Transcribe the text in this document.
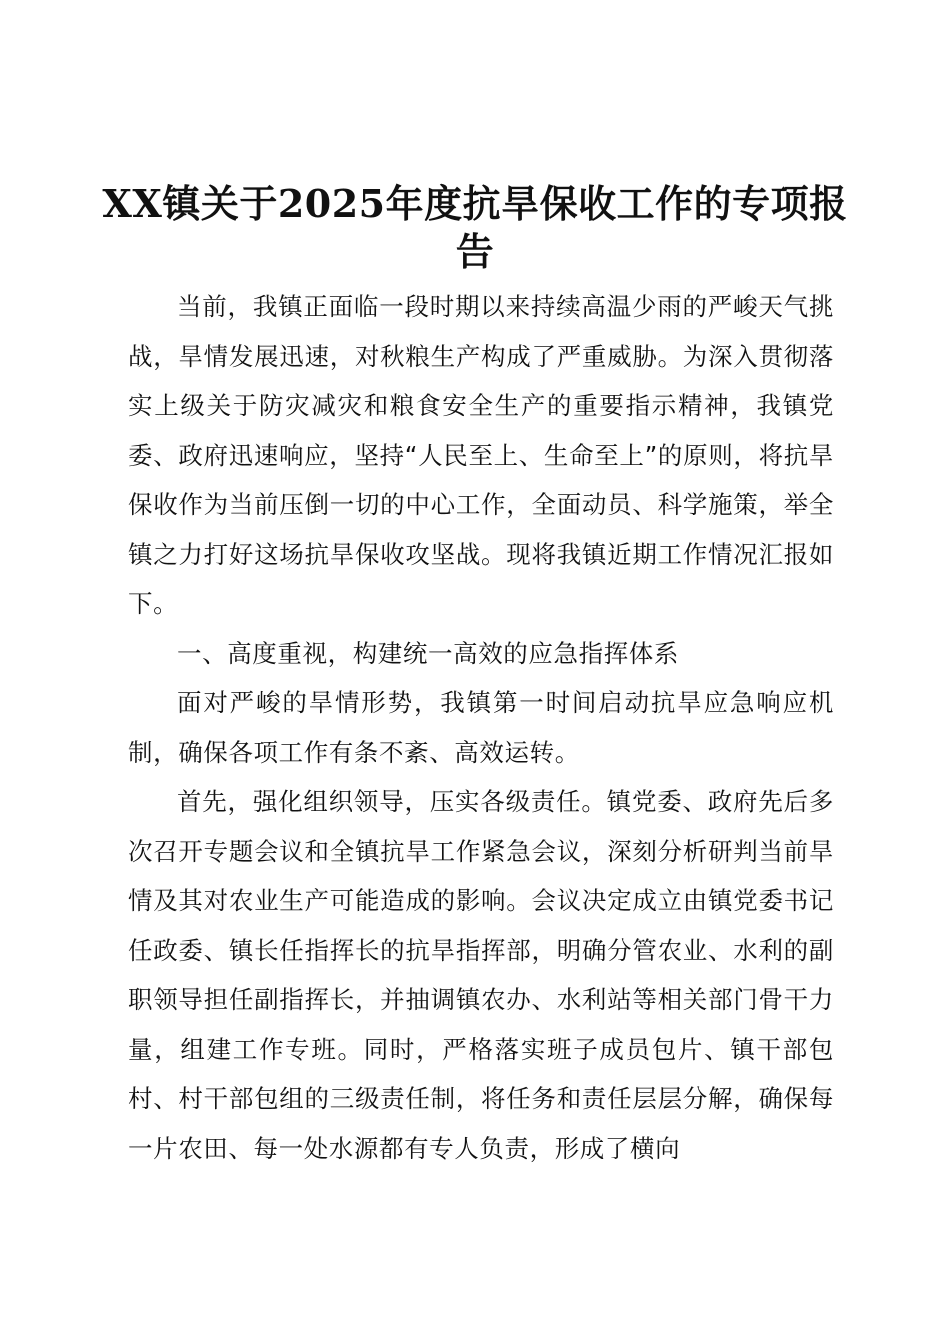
XX镇关于2025年度抗旱保收工作的专项报告

当前，我镇正面临一段时期以来持续高温少雨的严峻天气挑战，旱情发展迅速，对秋粮生产构成了严重威胁。为深入贯彻落实上级关于防灾减灾和粮食安全生产的重要指示精神，我镇党委、政府迅速响应，坚持“人民至上、生命至上”的原则，将抗旱保收作为当前压倒一切的中心工作，全面动员、科学施策，举全镇之力打好这场抗旱保收攻坚战。现将我镇近期工作情况汇报如下。

一、高度重视，构建统一高效的应急指挥体系

面对严峻的旱情形势，我镇第一时间启动抗旱应急响应机制，确保各项工作有条不紊、高效运转。

首先，强化组织领导，压实各级责任。镇党委、政府先后多次召开专题会议和全镇抗旱工作紧急会议，深刻分析研判当前旱情及其对农业生产可能造成的影响。会议决定成立由镇党委书记任政委、镇长任指挥长的抗旱指挥部，明确分管农业、水利的副职领导担任副指挥长，并抽调镇农办、水利站等相关部门骨干力量，组建工作专班。同时，严格落实班子成员包片、镇干部包村、村干部包组的三级责任制，将任务和责任层层分解，确保每一片农田、每一处水源都有专人负责，形成了横向
